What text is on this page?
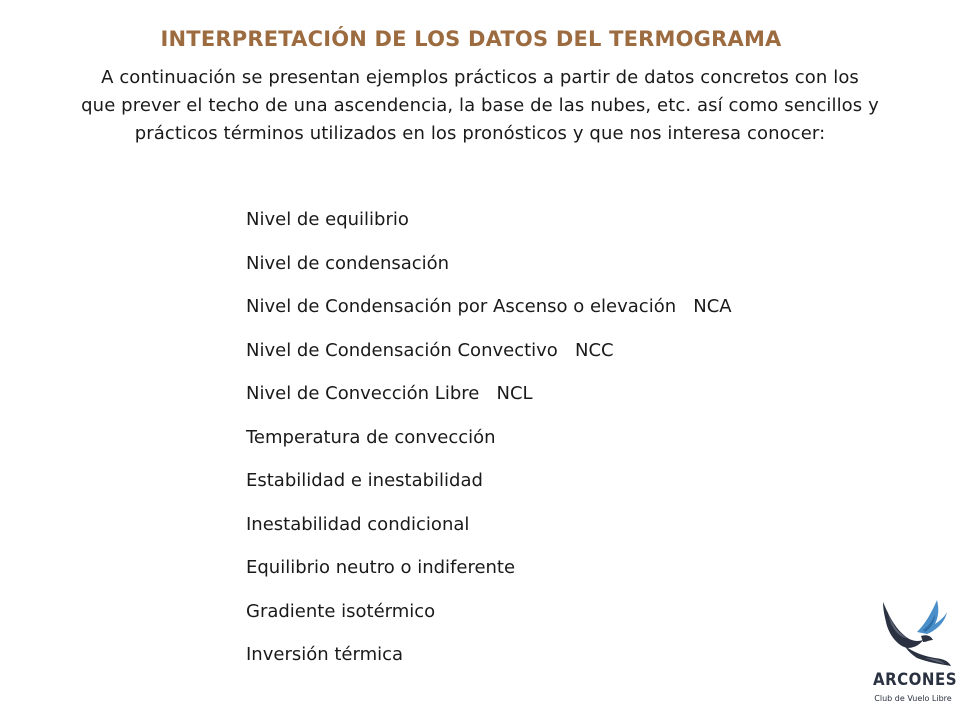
INTERPRETACIÓN DE LOS DATOS DEL TERMOGRAMA

A continuación se presentan ejemplos prácticos a partir de datos concretos con los

que prever el techo de una ascendencia, la base de las nubes, etc. así como sencillos y

prácticos términos utilizados en los pronósticos y que nos interesa conocer:

Nivel de equilibrio
Nivel de condensación
Nivel de Condensación por Ascenso o elevación   NCA
Nivel de Condensación Convectivo   NCC
Nivel de Convección Libre   NCL
Temperatura de convección
Estabilidad e inestabilidad
Inestabilidad condicional
Equilibrio neutro o indiferente
Gradiente isotérmico
Inversión térmica
ARCONES
Club de Vuelo Libre
